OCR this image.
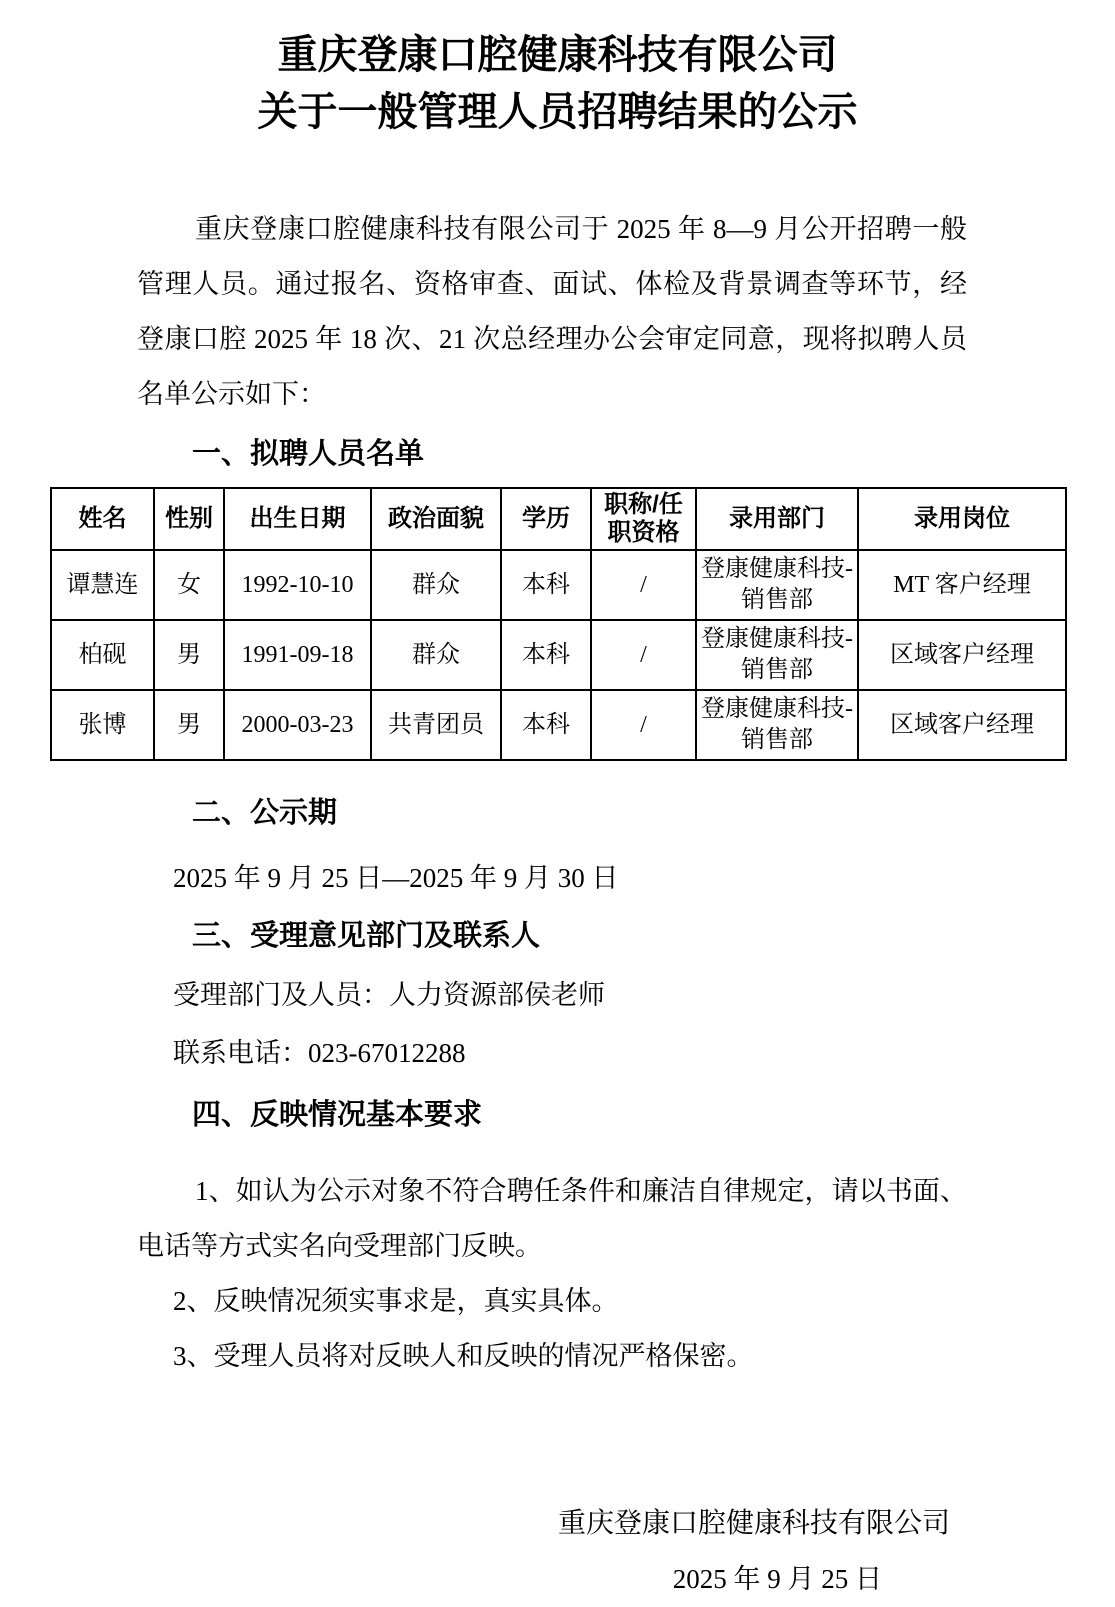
重庆登康口腔健康科技有限公司
关于一般管理人员招聘结果的公示

重庆登康口腔健康科技有限公司于 2025 年 8—9 月公开招聘一般管理人员。通过报名、资格审查、面试、体检及背景调查等环节，经登康口腔 2025 年 18 次、21 次总经理办公会审定同意，现将拟聘人员名单公示如下：

一、拟聘人员名单
姓名	性别	出生日期	政治面貌	学历	职称/任职资格	录用部门	录用岗位
谭慧连	女	1992-10-10	群众	本科	/	登康健康科技-销售部	MT 客户经理
柏砚	男	1991-09-18	群众	本科	/	登康健康科技-销售部	区域客户经理
张博	男	2000-03-23	共青团员	本科	/	登康健康科技-销售部	区域客户经理
二、公示期
2025 年 9 月 25 日—2025 年 9 月 30 日
三、受理意见部门及联系人
受理部门及人员：人力资源部侯老师
联系电话：023-67012288
四、反映情况基本要求

1、如认为公示对象不符合聘任条件和廉洁自律规定，请以书面、电话等方式实名向受理部门反映。

2、反映情况须实事求是，真实具体。

3、受理人员将对反映人和反映的情况严格保密。

重庆登康口腔健康科技有限公司
2025 年 9 月 25 日
